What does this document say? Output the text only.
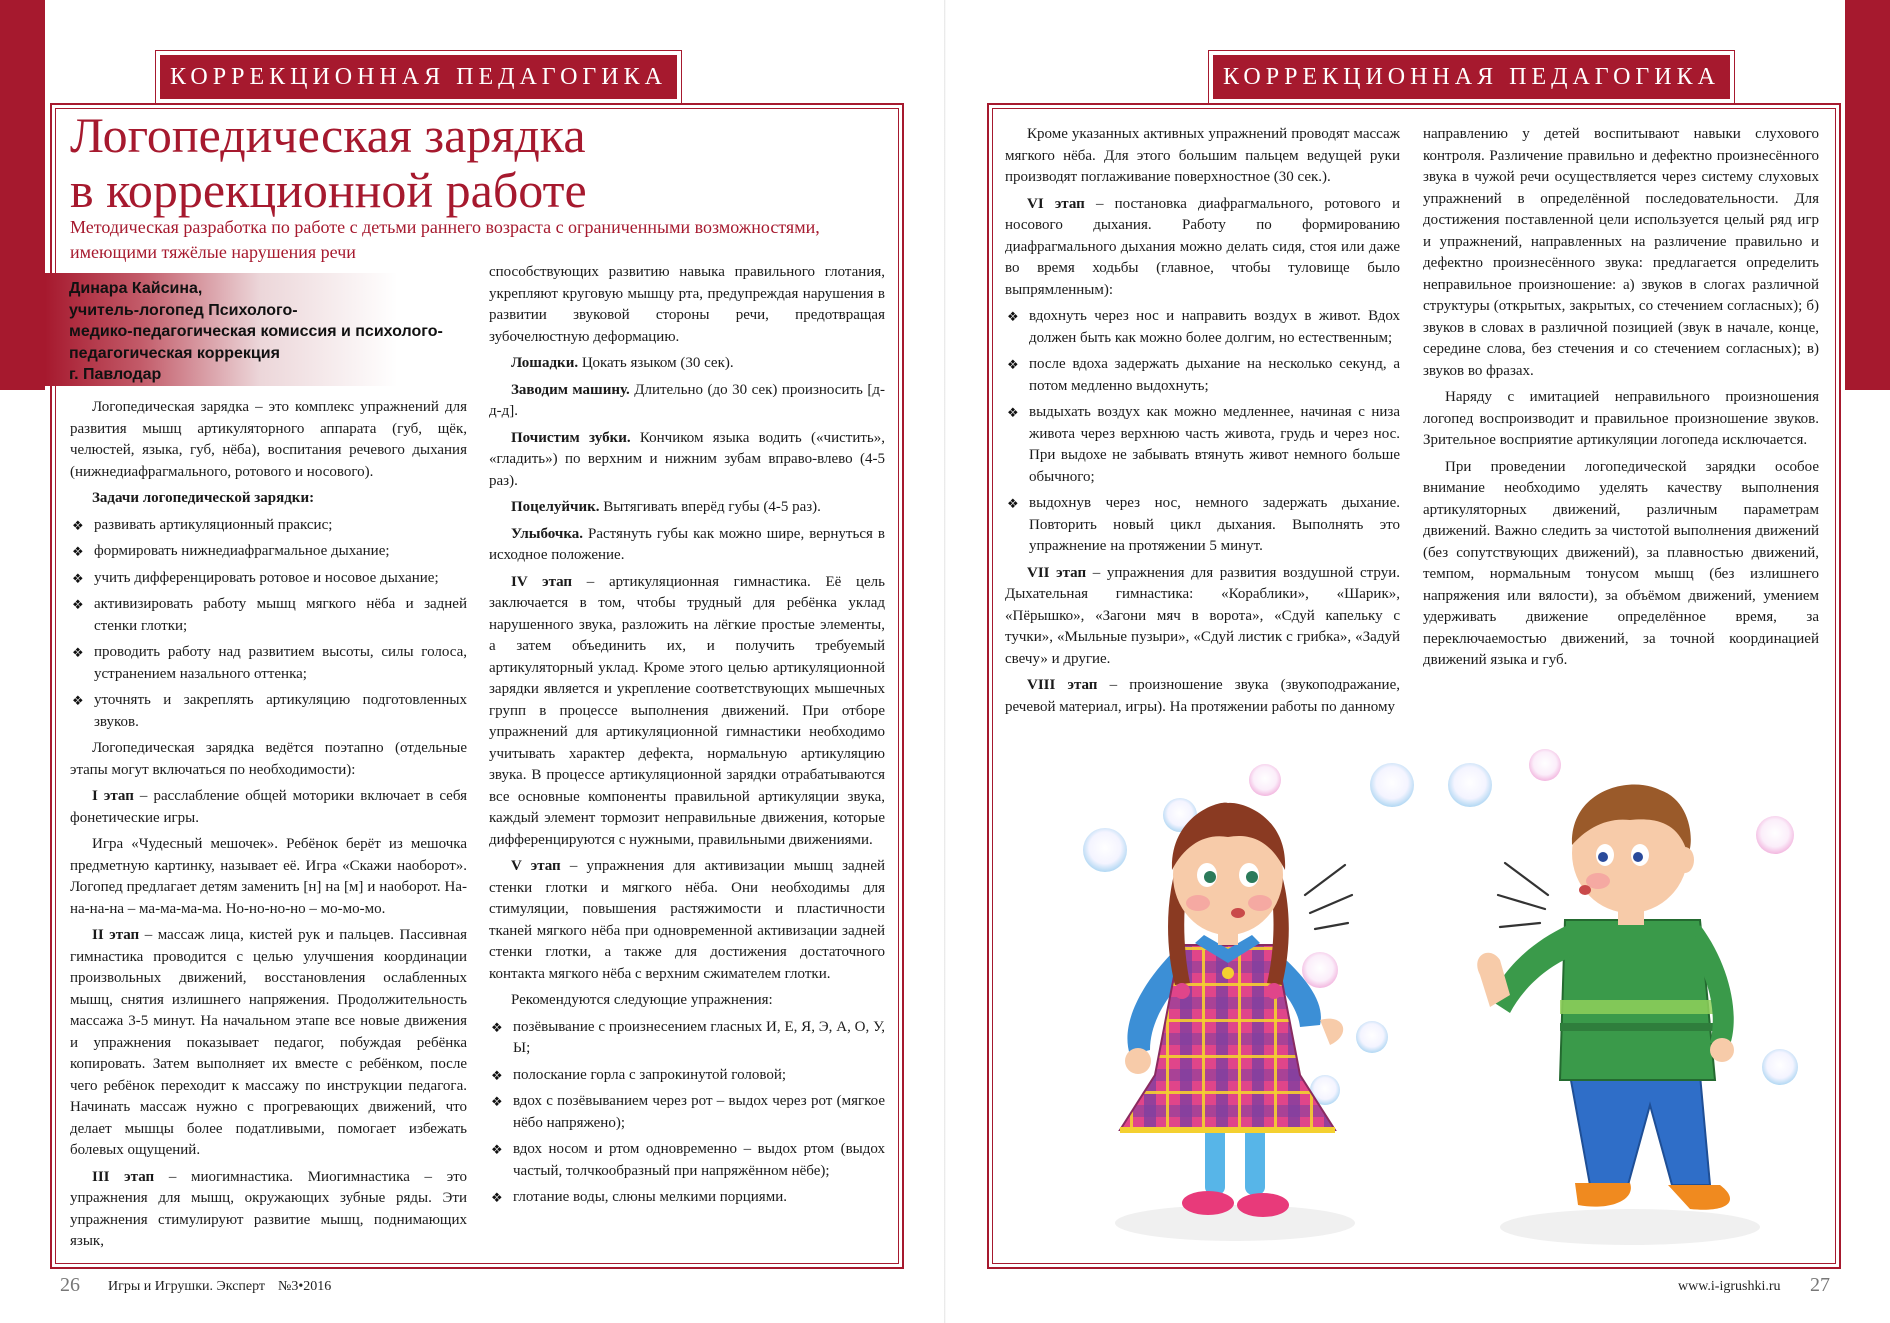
КОРРЕКЦИОННАЯ ПЕДАГОГИКА
Логопедическая зарядка
в коррекционной работе
Методическая разработка по работе с детьми раннего возраста с ограниченными возможностями, имеющими тяжёлые нарушения речи
Динара Кайсина,
учитель-логопед Психолого-
медико-педагогическая комиссия и психолого-
педагогическая коррекция
г. Павлодар

Логопедическая зарядка – это комплекс упражнений для развития мышц артикуляторного аппарата (губ, щёк, челюстей, языка, губ, нёба), воспитания речевого дыхания (нижнедиафрагмального, ротового и носового).

Задачи логопедической зарядки:

❖ развивать артикуляционный праксис;
❖ формировать нижнедиафрагмальное дыхание;
❖ учить дифференцировать ротовое и носовое дыхание;
❖ активизировать работу мышц мягкого нёба и задней стенки глотки;
❖ проводить работу над развитием высоты, силы голоса, устранением назального оттенка;
❖ уточнять и закреплять артикуляцию подготовленных звуков.

Логопедическая зарядка ведётся поэтапно (отдельные этапы могут включаться по необходимости):

I этап – расслабление общей моторики включает в себя фонетические игры.

Игра «Чудесный мешочек». Ребёнок берёт из мешочка предметную картинку, называет её. Игра «Скажи наоборот». Логопед предлагает детям заменить [н] на [м] и наоборот. На-на-на-на – ма-ма-ма-ма. Но-но-но-но – мо-мо-мо.

II этап – массаж лица, кистей рук и пальцев. Пассивная гимнастика проводится с целью улучшения координации произвольных движений, восстановления ослабленных мышц, снятия излишнего напряжения. Продолжительность массажа 3-5 минут. На начальном этапе все новые движения и упражнения показывает педагог, побуждая ребёнка копировать. Затем выполняет их вместе с ребёнком, после чего ребёнок переходит к массажу по инструкции педагога. Начинать массаж нужно с прогревающих движений, что делает мышцы более податливыми, помогает избежать болевых ощущений.

III этап – миогимнастика. Миогимнастика – это упражнения для мышц, окружающих зубные ряды. Эти упражнения стимулируют развитие мышц, поднимающих язык,

способствующих развитию навыка правильного глотания, укрепляют круговую мышцу рта, предупреждая нарушения в развитии звуковой стороны речи, предотвращая зубочелюстную деформацию.

Лошадки. Цокать языком (30 сек).

Заводим машину. Длительно (до 30 сек) произносить [д-д-д].

Почистим зубки. Кончиком языка водить («чистить», «гладить») по верхним и нижним зубам вправо-влево (4-5 раз).

Поцелуйчик. Вытягивать вперёд губы (4-5 раз).

Улыбочка. Растянуть губы как можно шире, вернуться в исходное положение.

IV этап – артикуляционная гимнастика. Её цель заключается в том, чтобы трудный для ребёнка уклад нарушенного звука, разложить на лёгкие простые элементы, а затем объединить их, и получить требуемый артикуляторный уклад. Кроме этого целью артикуляционной зарядки является и укрепление соответствующих мышечных групп в процессе выполнения движений. При отборе упражнений для артикуляционной гимнастики необходимо учитывать характер дефекта, нормальную артикуляцию звука. В процессе артикуляционной зарядки отрабатываются все основные компоненты правильной артикуляции звука, каждый элемент тормозит неправильные движения, которые дифференцируются с нужными, правильными движениями.

V этап – упражнения для активизации мышц задней стенки глотки и мягкого нёба. Они необходимы для стимуляции, повышения растяжимости и пластичности тканей мягкого нёба при одновременной активизации задней стенки глотки, а также для достижения достаточного контакта мягкого нёба с верхним сжимателем глотки.

Рекомендуются следующие упражнения:

❖ позёвывание с произнесением гласных И, Е, Я, Э, А, О, У, Ы;
❖ полоскание горла с запрокинутой головой;
❖ вдох с позёвыванием через рот – выдох через рот (мягкое нёбо напряжено);
❖ вдох носом и ртом одновременно – выдох ртом (выдох частый, толчкообразный при напряжённом нёбе);
❖ глотание воды, слюны мелкими порциями.
26 Игры и Игрушки. Эксперт №3•2016
КОРРЕКЦИОННАЯ ПЕДАГОГИКА

Кроме указанных активных упражнений проводят массаж мягкого нёба. Для этого большим пальцем ведущей руки производят поглаживание поверхностное (30 сек.).

VI этап – постановка диафрагмального, ротового и носового дыхания. Работу по формированию диафрагмального дыхания можно делать сидя, стоя или даже во время ходьбы (главное, чтобы туловище было выпрямленным):

❖ вдохнуть через нос и направить воздух в живот. Вдох должен быть как можно более долгим, но естественным;
❖ после вдоха задержать дыхание на несколько секунд, а потом медленно выдохнуть;
❖ выдыхать воздух как можно медленнее, начиная с низа живота через верхнюю часть живота, грудь и через нос. При выдохе не забывать втянуть живот немного больше обычного;
❖ выдохнув через нос, немного задержать дыхание. Повторить новый цикл дыхания. Выполнять это упражнение на протяжении 5 минут.

VII этап – упражнения для развития воздушной струи. Дыхательная гимнастика: «Кораблики», «Шарик», «Пёрышко», «Загони мяч в ворота», «Сдуй капельку с тучки», «Мыльные пузыри», «Сдуй листик с грибка», «Задуй свечу» и другие.

VIII этап – произношение звука (звукоподражание, речевой материал, игры). На протяжении работы по данному

направлению у детей воспитывают навыки слухового контроля. Различение правильно и дефектно произнесённого звука в чужой речи осуществляется через систему слуховых упражнений в определённой последовательности. Для достижения поставленной цели используется целый ряд игр и упражнений, направленных на различение правильно и дефектно произнесённого звука: предлагается определить неправильное произношение: а) звуков в слогах различной структуры (открытых, закрытых, со стечением согласных); б) звуков в словах в различной позицией (звук в начале, конце, середине слова, без стечения и со стечением согласных); в) звуков во фразах.

Наряду с имитацией неправильного произношения логопед воспроизводит и правильное произношение звуков. Зрительное восприятие артикуляции логопеда исключается.

При проведении логопедической зарядки особое внимание необходимо уделять качеству выполнения артикуляторных движений, различным параметрам движений. Важно следить за чистотой выполнения движений (без сопутствующих движений), за плавностью движений, темпом, нормальным тонусом мышц (без излишнего напряжения или вялости), за объёмом движений, умением удерживать движение определённое время, за переключаемостью движений, за точной координацией движений языка и губ.

www.i-igrushki.ru 27
